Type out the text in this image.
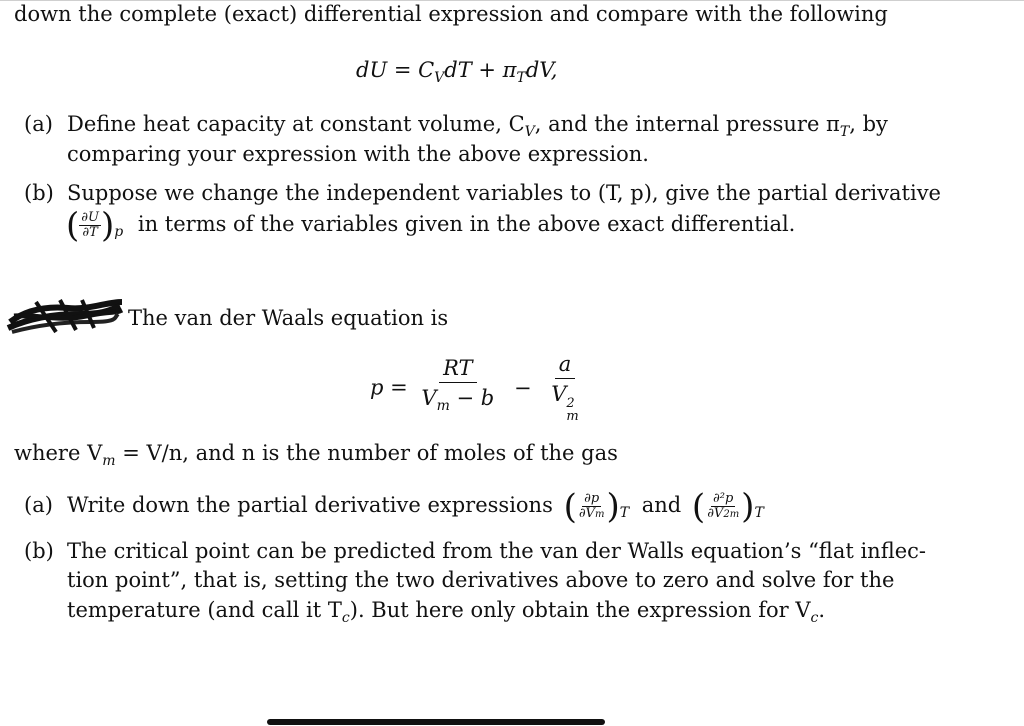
down the complete (exact) differential expression and compare with the following
dU = $C_VdT + \pi_TdV$,
(a) Define heat capacity at constant volume, $C_V$, and the internal pressure $\pi_T$, by
comparing your expression with the above expression.
(b) Suppose we change the independent variables to (T, p), give the partial derivative
( $\frac{\partial U}{\partial T} )_p$ in terms of the variables given in the above exact differential.
The van der Waals equation is
$p = \frac{RT}{V_m - b} - a$
V 2
m
where $V_m = V/n$, and n is the number of moles of the gas
(a) Write down the partial derivative expressions ( $\frac{\partial p}{\partial Vm} )_T$ and ( $\frac{\text{∂²p}}{\partial V2m} )_T$
(b) The critical point can be predicted from the van der Walls equation’s “flat inflec-
tion point”, that is, setting the two derivatives above to zero and solve for the
temperature (and call it $T_c$). But here only obtain the expression for $V_c$.
